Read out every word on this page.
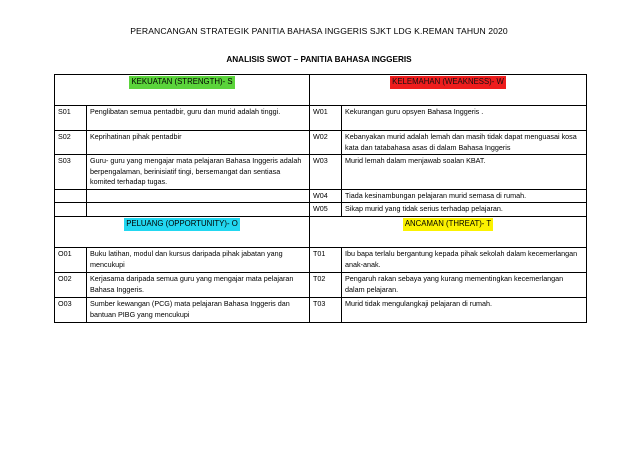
PERANCANGAN STRATEGIK PANITIA BAHASA INGGERIS SJKT LDG K.REMAN TAHUN 2020
ANALISIS SWOT – PANITIA BAHASA INGGERIS
KEKUATAN (STRENGTH)- S		KELEMAHAN (WEAKNESS)- W	
S01	Penglibatan semua pentadbir, guru dan murid adalah tinggi.	W01	Kekurangan guru opsyen Bahasa Inggeris .
S02	Keprihatinan pihak pentadbir	W02	Kebanyakan murid adalah lemah dan masih tidak dapat menguasai kosa kata dan tatabahasa asas di dalam Bahasa Inggeris
S03	Guru- guru yang mengajar mata pelajaran Bahasa Inggeris adalah berpengalaman, berinisiatif tingi, bersemangat dan sentiasa komited terhadap tugas.	W03	Murid lemah dalam menjawab soalan KBAT.
		W04	Tiada kesinambungan pelajaran murid semasa di rumah.
		W05	Sikap murid yang tidak serius terhadap pelajaran.
PELUANG (OPPORTUNITY)- O		ANCAMAN (THREAT)- T	
O01	Buku latihan, modul dan kursus daripada pihak jabatan yang mencukupi	T01	Ibu bapa terlalu bergantung kepada pihak sekolah dalam kecemerlangan anak-anak.
O02	Kerjasama daripada semua guru yang mengajar mata pelajaran Bahasa Inggeris.	T02	Pengaruh rakan sebaya yang kurang mementingkan kecemerlangan dalam pelajaran.
O03	Sumber kewangan (PCG) mata pelajaran Bahasa Inggeris dan bantuan PIBG yang mencukupi	T03	Murid tidak mengulangkaji pelajaran di rumah.
